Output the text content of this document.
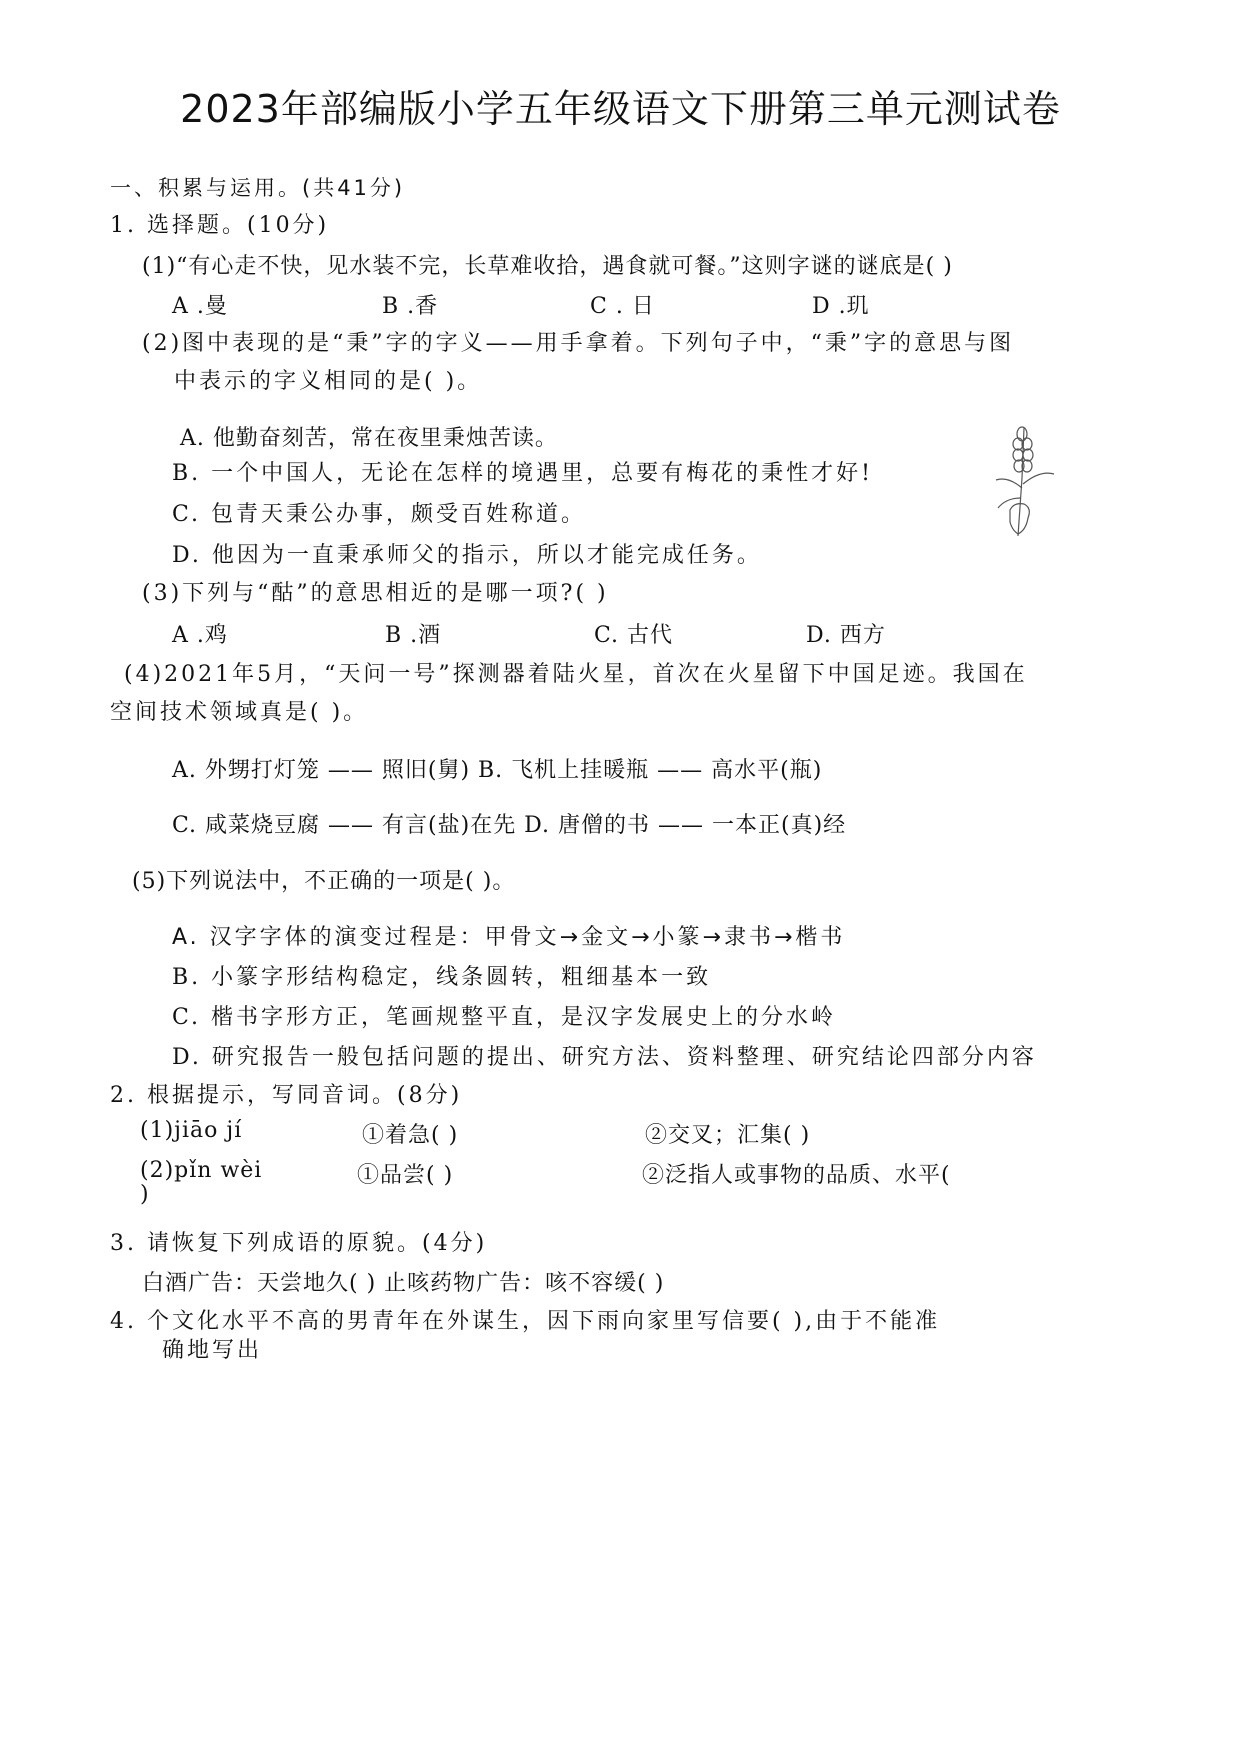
2023年部编版小学五年级语文下册第三单元测试卷
一、积累与运用。(共41分)
1. 选择题。(10分)
(1)“有心走不快，见水装不完，长草难收拾，遇食就可餐。”这则字谜的谜底是( )
A .曼	B .香	C . 日	D .玑
(2)图中表现的是“秉”字的字义——用手拿着。下列句子中，“秉”字的意思与图
中表示的字义相同的是( )。
A. 他勤奋刻苦，常在夜里秉烛苦读。
B. 一个中国人，无论在怎样的境遇里，总要有梅花的秉性才好!
C. 包青天秉公办事，颇受百姓称道。
D. 他因为一直秉承师父的指示，所以才能完成任务。
(3)下列与“酤”的意思相近的是哪一项?( )
A .鸡	B .酒	C. 古代	D. 西方
(4)2021年5月，“天问一号”探测器着陆火星，首次在火星留下中国足迹。我国在
空间技术领域真是( )。
A. 外甥打灯笼 —— 照旧(舅) B. 飞机上挂暖瓶 —— 高水平(瓶)
C. 咸菜烧豆腐 —— 有言(盐)在先 D. 唐僧的书 —— 一本正(真)经
(5)下列说法中，不正确的一项是( )。
A. 汉字字体的演变过程是：甲骨文→金文→小篆→隶书→楷书
B. 小篆字形结构稳定，线条圆转，粗细基本一致
C. 楷书字形方正，笔画规整平直，是汉字发展史上的分水岭
D. 研究报告一般包括问题的提出、研究方法、资料整理、研究结论四部分内容
2. 根据提示，写同音词。(8分)
(1)jiāo jí	①着急( )	②交叉；汇集( )
(2)pǐn wèi	①品尝( )	②泛指人或事物的品质、水平(
)
3. 请恢复下列成语的原貌。(4分)
白酒广告：天尝地久( ) 止咳药物广告：咳不容缓( )
4. 个文化水平不高的男青年在外谋生，因下雨向家里写信要( ),由于不能准
确地写出
